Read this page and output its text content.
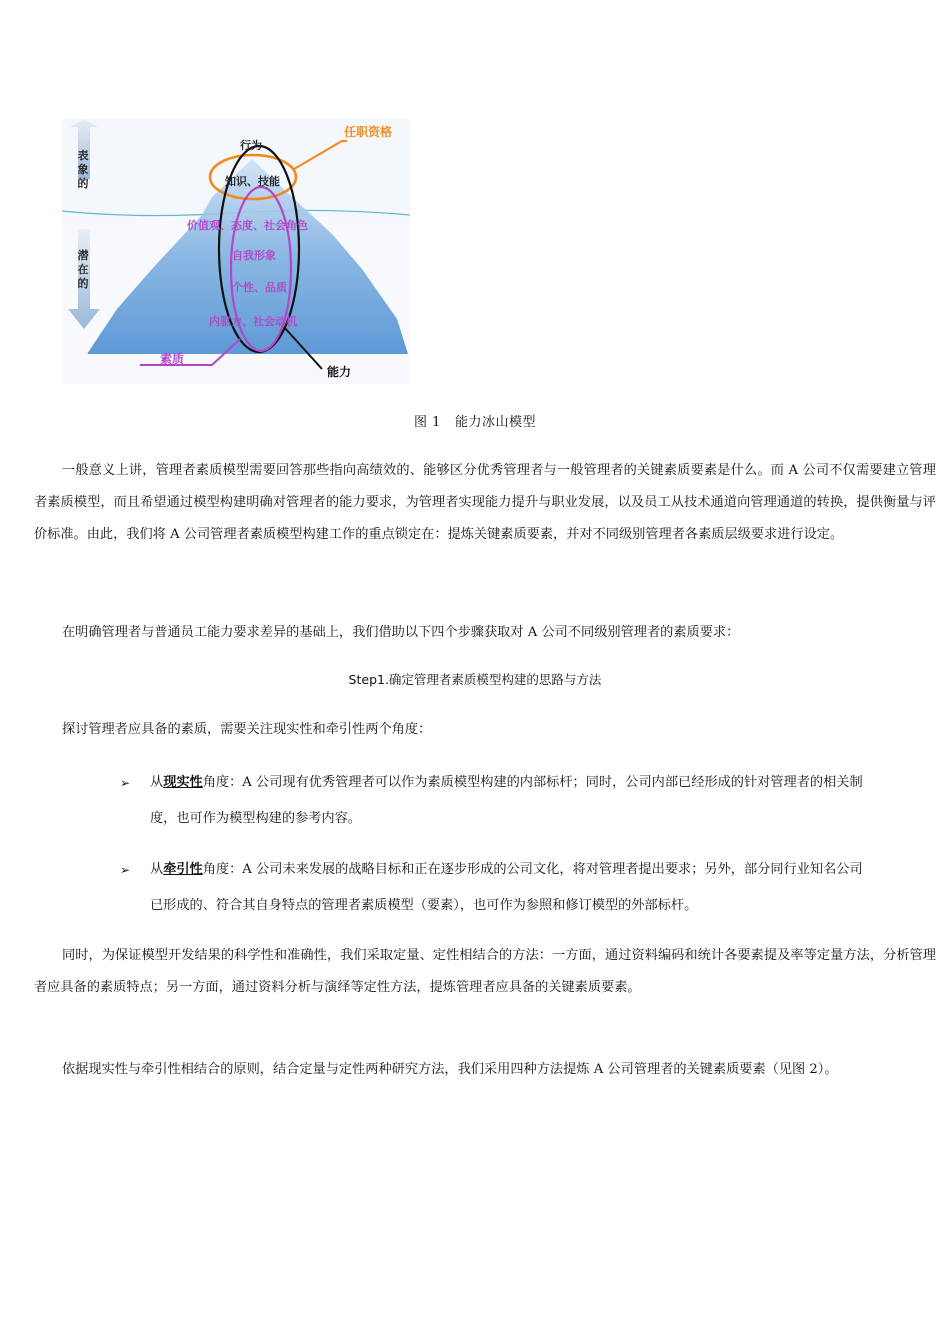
表象的
潜在的
行为
任职资格
知识、技能
价值观、态度、社会角色
自我形象
个性、品质
内驱力、社会动机
素质
能力
图 1 能力冰山模型

一般意义上讲，管理者素质模型需要回答那些指向高绩效的、能够区分优秀管理者与一般管理者的关键素质要素是什么。而 A 公司不仅需要建立管理者素质模型，而且希望通过模型构建明确对管理者的能力要求，为管理者实现能力提升与职业发展，以及员工从技术通道向管理通道的转换，提供衡量与评价标准。由此，我们将 A 公司管理者素质模型构建工作的重点锁定在：提炼关键素质要素，并对不同级别管理者各素质层级要求进行设定。

在明确管理者与普通员工能力要求差异的基础上，我们借助以下四个步骤获取对 A 公司不同级别管理者的素质要求：

Step1.确定管理者素质模型构建的思路与方法

探讨管理者应具备的素质，需要关注现实性和牵引性两个角度：

➢	从现实性角度：A 公司现有优秀管理者可以作为素质模型构建的内部标杆；同时，公司内部已经形成的针对管理者的相关制
度，也可作为模型构建的参考内容。
➢	从牵引性角度：A 公司未来发展的战略目标和正在逐步形成的公司文化，将对管理者提出要求；另外，部分同行业知名公司
已形成的、符合其自身特点的管理者素质模型（要素），也可作为参照和修订模型的外部标杆。

同时，为保证模型开发结果的科学性和准确性，我们采取定量、定性相结合的方法：一方面，通过资料编码和统计各要素提及率等定量方法，分析管理者应具备的素质特点；另一方面，通过资料分析与演绎等定性方法，提炼管理者应具备的关键素质要素。

依据现实性与牵引性相结合的原则，结合定量与定性两种研究方法，我们采用四种方法提炼 A 公司管理者的关键素质要素（见图 2）。
